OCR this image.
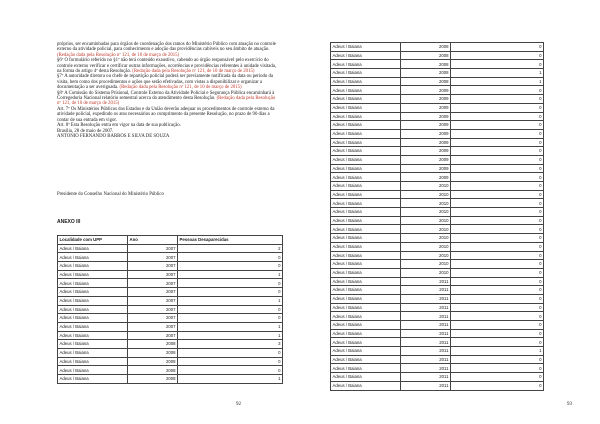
próprios, ser encaminhadas para órgãos de coordenação dos ramos do Ministério Público com atuação no controle externo da atividade policial, para conhecimento e adoção das providências cabíveis no seu âmbito de atuação. (Redação dada pela Resolução nº 121, de 10 de março de 2015)

§6º O formulário referido no §1º não terá conteúdo exaustivo, cabendo ao órgão responsável pelo exercício do controle externo verificar e certificar outras informações, ocorrências e providências referentes à unidade visitada, na forma do artigo 4º desta Resolução. (Redação dada pela Resolução nº 121, de 10 de março de 2015)

§7º A autoridade diretora ou chefe de repartição policial poderá ser previamente notificada da data ou período da visita, bem como dos procedimentos e ações que serão efetivadas, com vistas a disponibilizar e organizar a documentação a ser averiguada. (Redação dada pela Resolução nº 121, de 10 de março de 2015)

§8º A Comissão do Sistema Prisional, Controle Externo da Atividade Policial e Segurança Pública encaminhará à Corregedoria Nacional relatório semestral acerca do atendimento desta Resolução. (Redação dada pela Resolução nº 121, de 10 de março de 2015)

Art. 7º Os Ministérios Públicos dos Estados e da União deverão adequar os procedimentos de controle externo da atividade policial, expedindo os atos necessários ao cumprimento da presente Resolução, no prazo de 90 dias a contar de sua entrada em vigor.

Art. 8º Esta Resolução entra em vigor na data de sua publicação.

Brasília, 28 de maio de 2007.

ANTONIO FERNANDO BARROS E SILVA DE SOUZA

Presidente do Conselho Nacional do Ministério Público
ANEXO III
Localidade com UPP	Ano	Pessoas Desaparecidas
Adeus / Baiana	2007	2
Adeus / Baiana	2007	0
Adeus / Baiana	2007	0
Adeus / Baiana	2007	1
Adeus / Baiana	2007	0
Adeus / Baiana	2007	0
Adeus / Baiana	2007	1
Adeus / Baiana	2007	0
Adeus / Baiana	2007	0
Adeus / Baiana	2007	1
Adeus / Baiana	2007	1
Adeus / Baiana	2008	3
Adeus / Baiana	2008	0
Adeus / Baiana	2008	0
Adeus / Baiana	2008	0
Adeus / Baiana	2008	1
92
Adeus / Baiana	2008	0
Adeus / Baiana	2008	0
Adeus / Baiana	2008	0
Adeus / Baiana	2008	1
Adeus / Baiana	2008	1
Adeus / Baiana	2009	0
Adeus / Baiana	2009	0
Adeus / Baiana	2009	0
Adeus / Baiana	2009	0
Adeus / Baiana	2009	0
Adeus / Baiana	2009	0
Adeus / Baiana	2009	0
Adeus / Baiana	2009	0
Adeus / Baiana	2009	0
Adeus / Baiana	2009	0
Adeus / Baiana	2009	0
Adeus / Baiana	2010	0
Adeus / Baiana	2010	0
Adeus / Baiana	2010	0
Adeus / Baiana	2010	0
Adeus / Baiana	2010	0
Adeus / Baiana	2010	0
Adeus / Baiana	2010	0
Adeus / Baiana	2010	0
Adeus / Baiana	2010	0
Adeus / Baiana	2010	0
Adeus / Baiana	2010	0
Adeus / Baiana	2011	0
Adeus / Baiana	2011	0
Adeus / Baiana	2011	0
Adeus / Baiana	2011	0
Adeus / Baiana	2011	0
Adeus / Baiana	2011	0
Adeus / Baiana	2011	0
Adeus / Baiana	2011	0
Adeus / Baiana	2011	1
Adeus / Baiana	2011	0
Adeus / Baiana	2011	0
Adeus / Baiana	2011	0
Adeus / Baiana	2011	0
93
